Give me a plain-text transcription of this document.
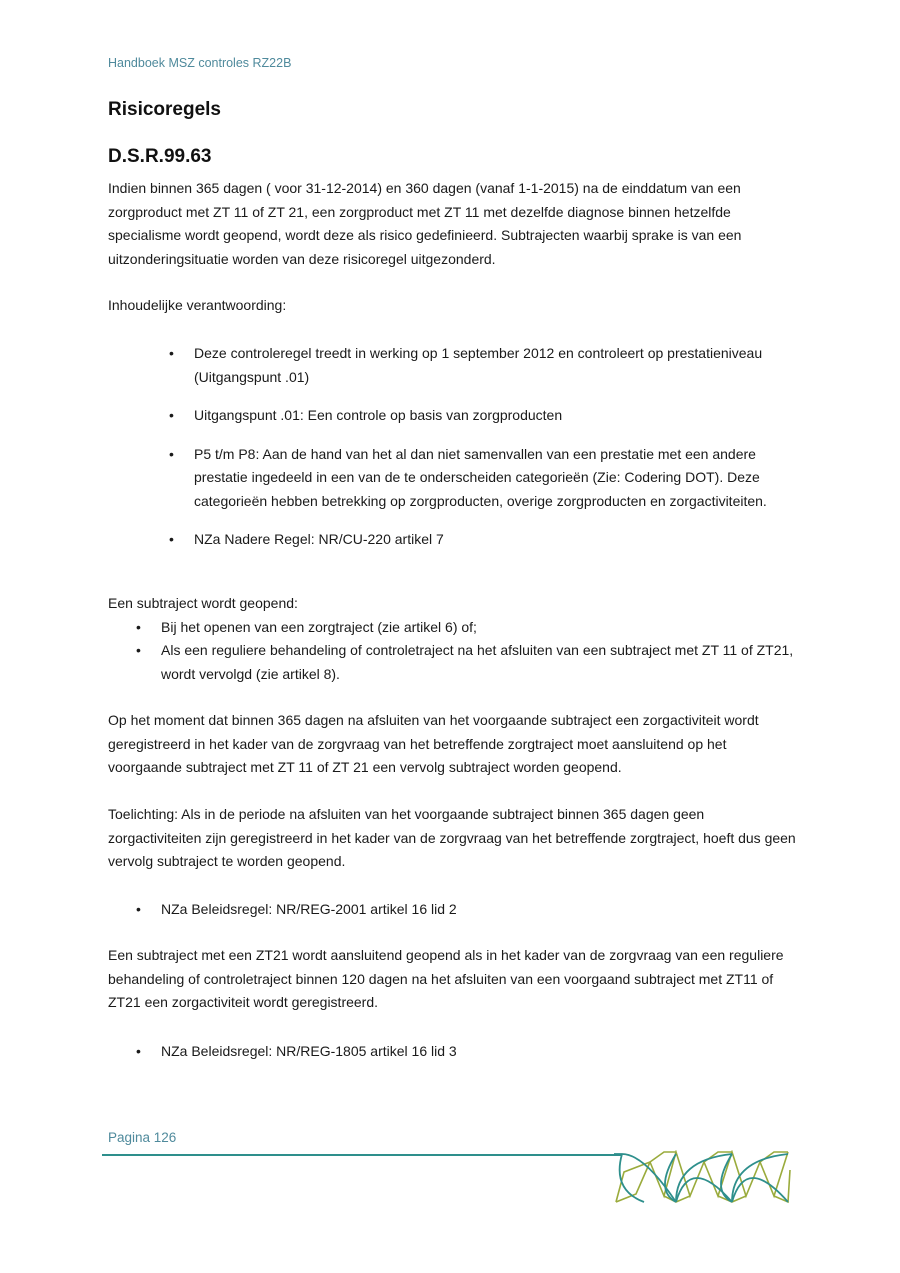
Handboek MSZ controles RZ22B
Risicoregels
D.S.R.99.63

Indien binnen 365 dagen ( voor 31-12-2014) en 360 dagen (vanaf 1-1-2015) na de einddatum van een zorgproduct met ZT 11 of ZT 21, een zorgproduct met ZT 11 met dezelfde diagnose binnen hetzelfde specialisme wordt geopend, wordt deze als risico gedefinieerd. Subtrajecten waarbij sprake is van een uitzonderingsituatie worden van deze risicoregel uitgezonderd.

Inhoudelijke verantwoording:

• Deze controleregel treedt in werking op 1 september 2012 en controleert op prestatieniveau (Uitgangspunt .01)
• Uitgangspunt .01: Een controle op basis van zorgproducten
• P5 t/m P8: Aan de hand van het al dan niet samenvallen van een prestatie met een andere prestatie ingedeeld in een van de te onderscheiden categorieën (Zie: Codering DOT). Deze categorieën hebben betrekking op zorgproducten, overige zorgproducten en zorgactiviteiten.
• NZa Nadere Regel: NR/CU-220 artikel 7

Een subtraject wordt geopend:

• Bij het openen van een zorgtraject (zie artikel 6) of;
• Als een reguliere behandeling of controletraject na het afsluiten van een subtraject met ZT 11 of ZT21, wordt vervolgd (zie artikel 8).

Op het moment dat binnen 365 dagen na afsluiten van het voorgaande subtraject een zorgactiviteit wordt geregistreerd in het kader van de zorgvraag van het betreffende zorgtraject moet aansluitend op het voorgaande subtraject met ZT 11 of ZT 21 een vervolg subtraject worden geopend.

Toelichting: Als in de periode na afsluiten van het voorgaande subtraject binnen 365 dagen geen zorgactiviteiten zijn geregistreerd in het kader van de zorgvraag van het betreffende zorgtraject, hoeft dus geen vervolg subtraject te worden geopend.

• NZa Beleidsregel: NR/REG-2001 artikel 16 lid 2

Een subtraject met een ZT21 wordt aansluitend geopend als in het kader van de zorgvraag van een reguliere behandeling of controletraject binnen 120 dagen na het afsluiten van een voorgaand subtraject met ZT11 of ZT21 een zorgactiviteit wordt geregistreerd.

• NZa Beleidsregel: NR/REG-1805 artikel 16 lid 3
Pagina 126
